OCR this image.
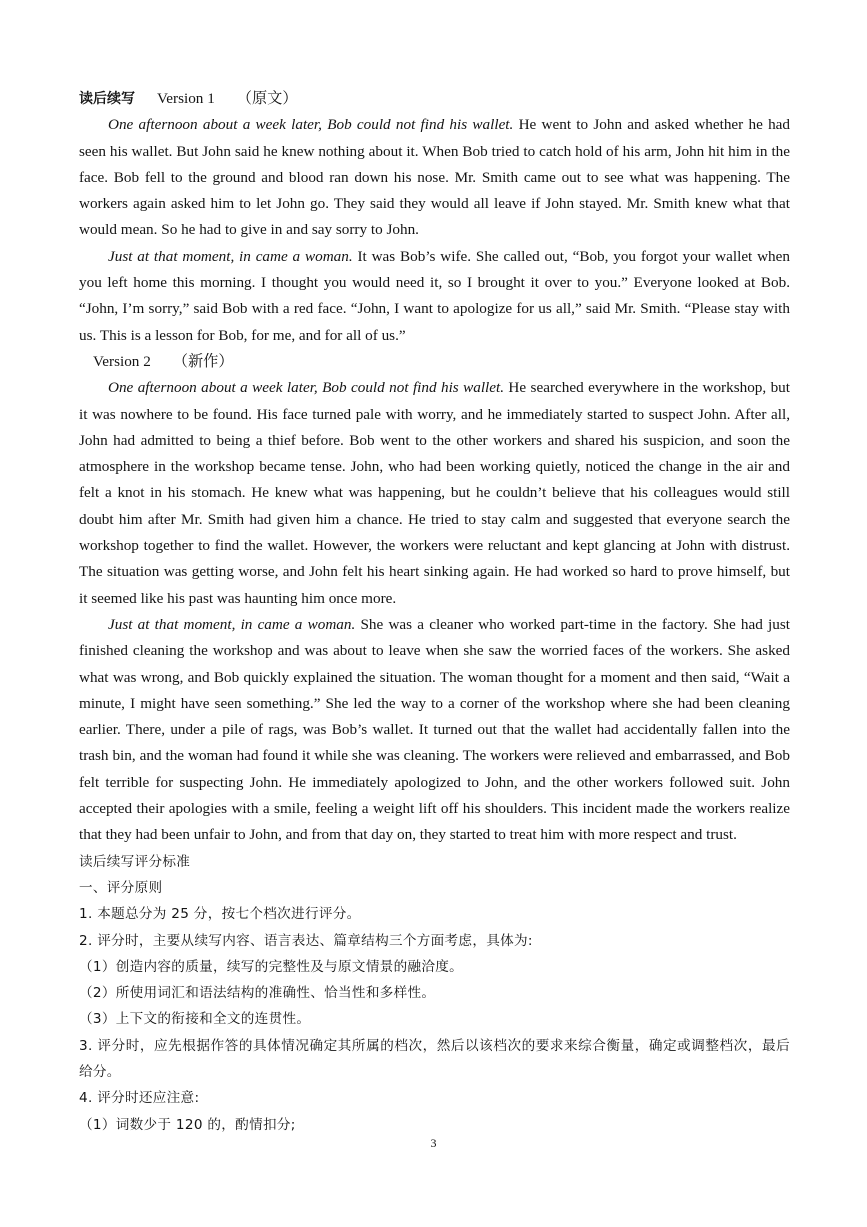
读后续写 Version 1 （原文）

One afternoon about a week later, Bob could not find his wallet. He went to John and asked whether he had seen his wallet. But John said he knew nothing about it. When Bob tried to catch hold of his arm, John hit him in the face. Bob fell to the ground and blood ran down his nose. Mr. Smith came out to see what was happening. The workers again asked him to let John go. They said they would all leave if John stayed. Mr. Smith knew what that would mean. So he had to give in and say sorry to John.

Just at that moment, in came a woman. It was Bob’s wife. She called out, “Bob, you forgot your wallet when you left home this morning. I thought you would need it, so I brought it over to you.” Everyone looked at Bob. “John, I’m sorry,” said Bob with a red face. “John, I want to apologize for us all,” said Mr. Smith. “Please stay with us. This is a lesson for Bob, for me, and for all of us.”

Version 2 （新作）

One afternoon about a week later, Bob could not find his wallet. He searched everywhere in the workshop, but it was nowhere to be found. His face turned pale with worry, and he immediately started to suspect John. After all, John had admitted to being a thief before. Bob went to the other workers and shared his suspicion, and soon the atmosphere in the workshop became tense. John, who had been working quietly, noticed the change in the air and felt a knot in his stomach. He knew what was happening, but he couldn’t believe that his colleagues would still doubt him after Mr. Smith had given him a chance. He tried to stay calm and suggested that everyone search the workshop together to find the wallet. However, the workers were reluctant and kept glancing at John with distrust. The situation was getting worse, and John felt his heart sinking again. He had worked so hard to prove himself, but it seemed like his past was haunting him once more.

Just at that moment, in came a woman. She was a cleaner who worked part-time in the factory. She had just finished cleaning the workshop and was about to leave when she saw the worried faces of the workers. She asked what was wrong, and Bob quickly explained the situation. The woman thought for a moment and then said, “Wait a minute, I might have seen something.” She led the way to a corner of the workshop where she had been cleaning earlier. There, under a pile of rags, was Bob’s wallet. It turned out that the wallet had accidentally fallen into the trash bin, and the woman had found it while she was cleaning. The workers were relieved and embarrassed, and Bob felt terrible for suspecting John. He immediately apologized to John, and the other workers followed suit. John accepted their apologies with a smile, feeling a weight lift off his shoulders. This incident made the workers realize that they had been unfair to John, and from that day on, they started to treat him with more respect and trust.

读后续写评分标准

一、评分原则

1. 本题总分为 25 分，按七个档次进行评分。

2. 评分时，主要从续写内容、语言表达、篇章结构三个方面考虑，具体为:

（1）创造内容的质量，续写的完整性及与原文情景的融洽度。

（2）所使用词汇和语法结构的准确性、恰当性和多样性。

（3）上下文的衔接和全文的连贯性。

3. 评分时，应先根据作答的具体情况确定其所属的档次，然后以该档次的要求来综合衡量，确定或调整档次，最后给分。

4. 评分时还应注意:

（1）词数少于 120 的，酌情扣分;

3
